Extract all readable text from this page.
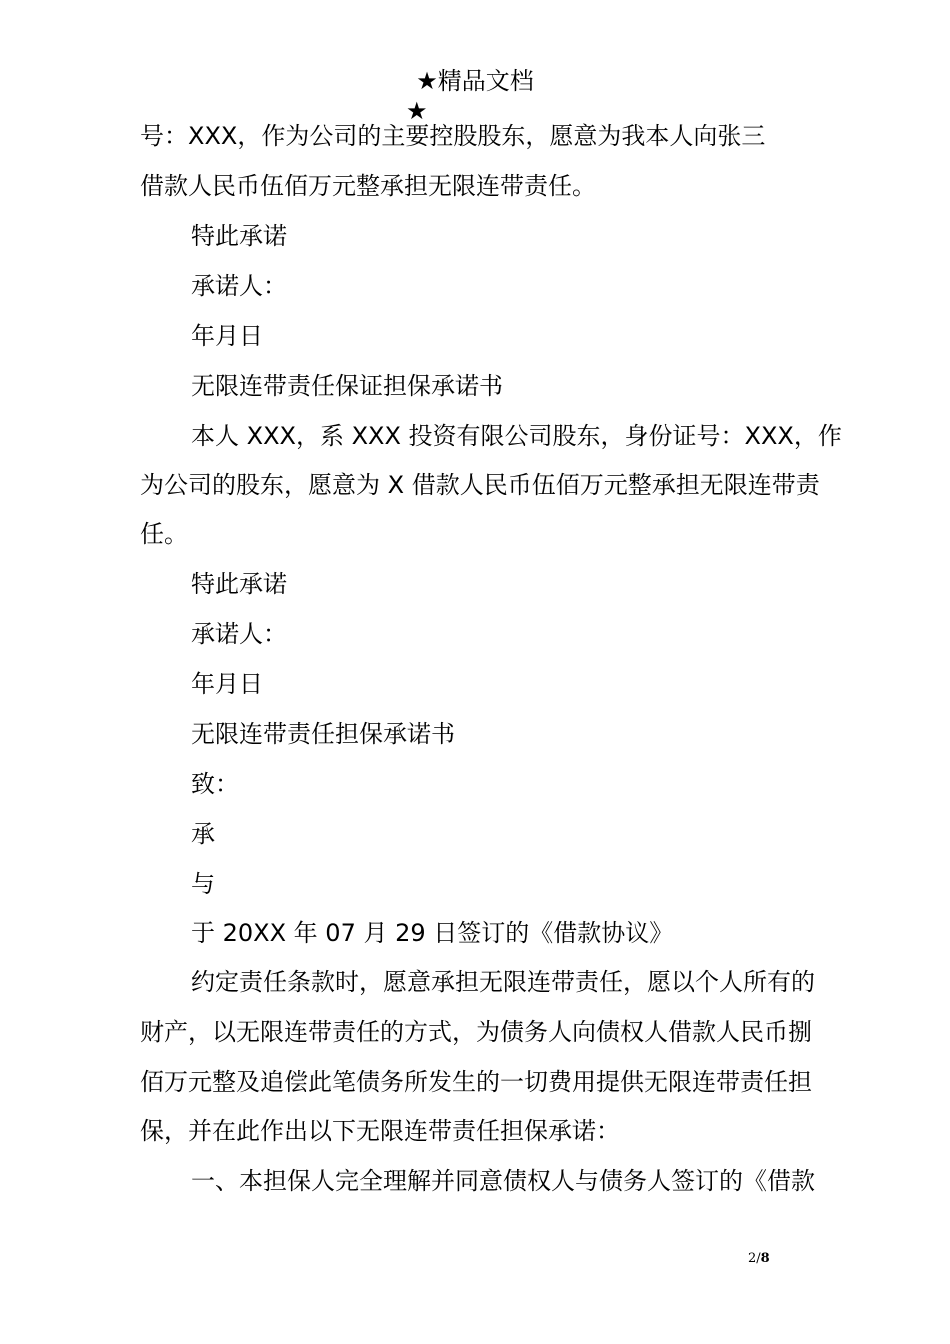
★精品文档
★
号：XXX，作为公司的主要控股股东，愿意为我本人向张三
借款人民币伍佰万元整承担无限连带责任。
特此承诺
承诺人：
年月日
无限连带责任保证担保承诺书
本人 XXX，系 XXX 投资有限公司股东，身份证号：XXX，作
为公司的股东，愿意为 X 借款人民币伍佰万元整承担无限连带责
任。
特此承诺
承诺人：
年月日
无限连带责任担保承诺书
致：
承
与
于 20XX 年 07 月 29 日签订的《借款协议》
约定责任条款时，愿意承担无限连带责任，愿以个人所有的
财产，以无限连带责任的方式，为债务人向债权人借款人民币捌
佰万元整及追偿此笔债务所发生的一切费用提供无限连带责任担
保，并在此作出以下无限连带责任担保承诺：
一、本担保人完全理解并同意债权人与债务人签订的《借款
2/8
